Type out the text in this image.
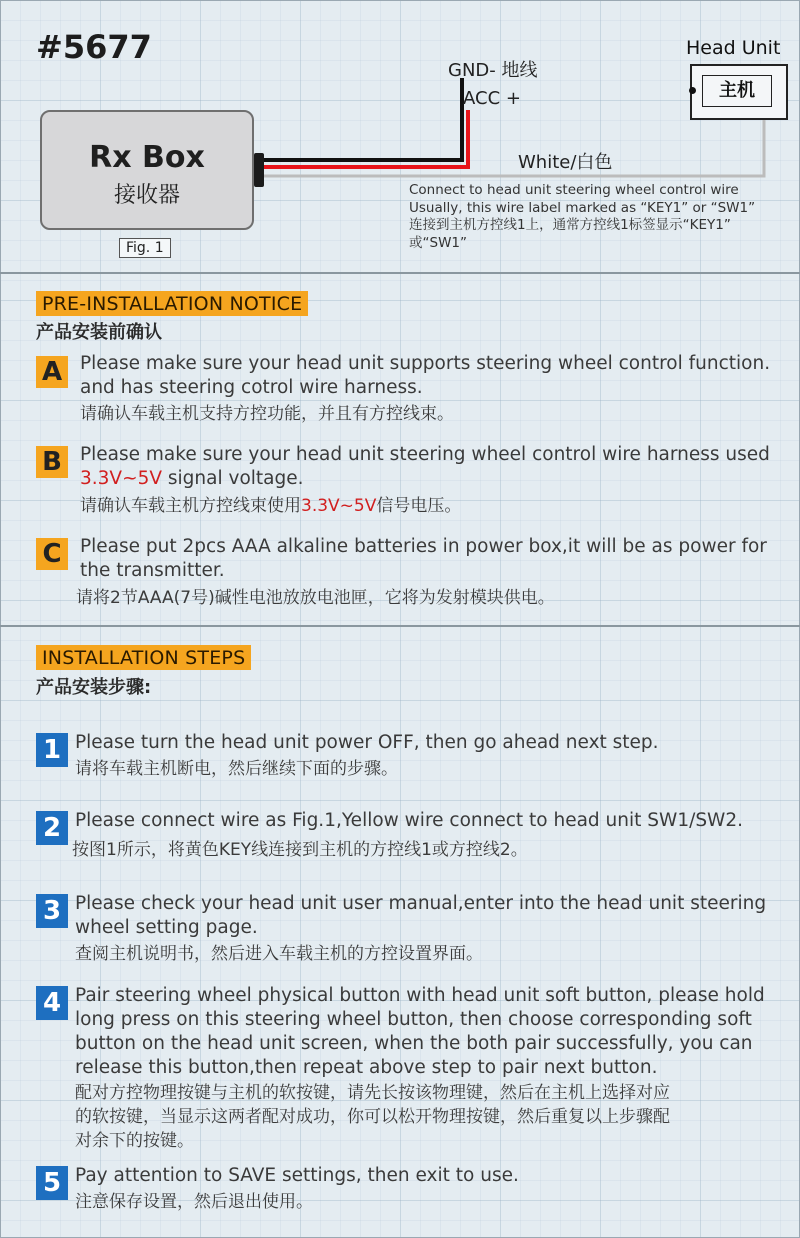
#5677
Rx Box
接收器
Fig. 1
GND- 地线
ACC +
White/白色
Head Unit
主机
Connect to head unit steering wheel control wire
Usually, this wire label marked as “KEY1” or “SW1”
连接到主机方控线1上，通常方控线1标签显示“KEY1”
或“SW1”
PRE-INSTALLATION NOTICE
产品安装前确认
A Please make sure your head unit supports steering wheel control function.
and has steering cotrol wire harness.
请确认车载主机支持方控功能，并且有方控线束。
B Please make sure your head unit steering wheel control wire harness used
3.3V~5V signal voltage.
请确认车载主机方控线束使用3.3V~5V信号电压。
C Please put 2pcs AAA alkaline batteries in power box,it will be as power for
the transmitter.
请将2节AAA(7号)碱性电池放放电池匣，它将为发射模块供电。
INSTALLATION STEPS
产品安装步骤:
1 Please turn the head unit power OFF, then go ahead next step.
请将车载主机断电，然后继续下面的步骤。
2 Please connect wire as Fig.1,Yellow wire connect to head unit SW1/SW2.
按图1所示，将黄色KEY线连接到主机的方控线1或方控线2。
3 Please check your head unit user manual,enter into the head unit steering
wheel setting page.
查阅主机说明书，然后进入车载主机的方控设置界面。
4 Pair steering wheel physical button with head unit soft button, please hold
long press on this steering wheel button, then choose corresponding soft
button on the head unit screen, when the both pair successfully, you can
release this button,then repeat above step to pair next button.
配对方控物理按键与主机的软按键，请先长按该物理键，然后在主机上选择对应
的软按键，当显示这两者配对成功，你可以松开物理按键，然后重复以上步骤配
对余下的按键。
5 Pay attention to SAVE settings, then exit to use.
注意保存设置，然后退出使用。
